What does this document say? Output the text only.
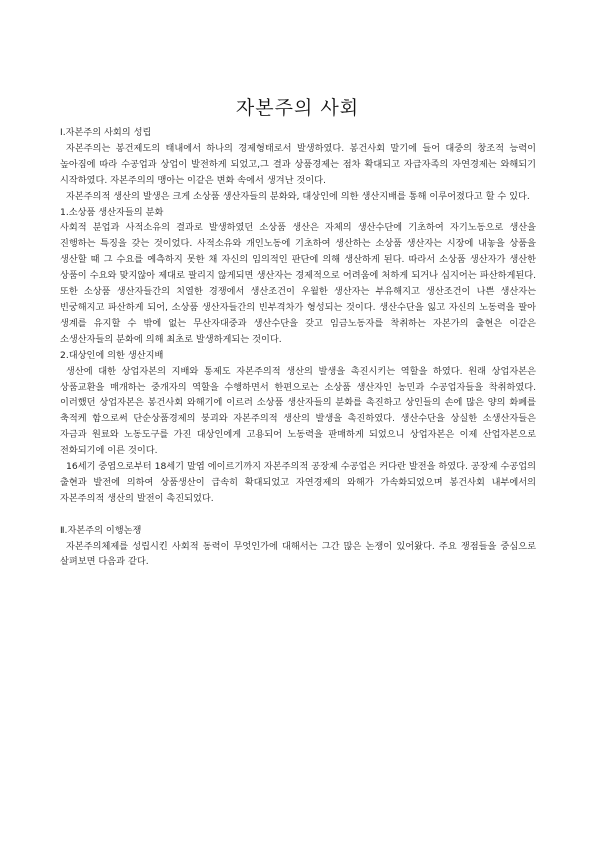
자본주의 사회

Ⅰ.자본주의 사회의 성립

자본주의는 봉건제도의 태내에서 하나의 경제형태로서 발생하였다. 봉건사회 말기에 들어 대중의 창조적 능력이 높아짐에 따라 수공업과 상업이 발전하게 되었고,그 결과 상품경제는 점차 확대되고 자급자족의 자연경제는 와해되기 시작하였다. 자본주의의 맹아는 이같은 변화 속에서 생겨난 것이다.

자본주의적 생산의 발생은 크게 소상품 생산자들의 분화와, 대상인에 의한 생산지배를 통해 이루어졌다고 할 수 있다.

1.소상품 생산자들의 분화

사회적 분업과 사적소유의 결과로 발생하였던 소상품 생산은 자체의 생산수단에 기초하여 자기노동으로 생산을 진행하는 특징을 갖는 것이었다. 사적소유와 개인노동에 기초하여 생산하는 소상품 생산자는 시장에 내놓을 상품을 생산할 때 그 수요를 예측하지 못한 채 자신의 임의적인 판단에 의해 생산하게 된다. 따라서 소상품 생산자가 생산한 상품이 수요와 맞지않아 제대로 팔리지 않게되면 생산자는 경제적으로 어려움에 처하게 되거나 심지어는 파산하게된다. 또한 소상품 생산자들간의 치열한 경쟁에서 생산조건이 우월한 생산자는 부유해지고 생산조건이 나쁜 생산자는 빈궁해지고 파산하게 되어, 소상품 생산자들간의 빈부격차가 형성되는 것이다. 생산수단을 잃고 자신의 노동력을 팔아 생계를 유지할 수 밖에 없는 무산자대중과 생산수단을 갖고 임금노동자를 착취하는 자본가의 출현은 이같은 소생산자들의 분화에 의해 최초로 발생하게되는 것이다.

2.대상인에 의한 생산지배

생산에 대한 상업자본의 지배와 통제도 자본주의적 생산의 발생을 촉진시키는 역할을 하였다. 원래 상업자본은 상품교환을 매개하는 중개자의 역할을 수행하면서 한편으로는 소상품 생산자인 농민과 수공업자들을 착취하였다. 이러했던 상업자본은 봉건사회 와해기에 이르러 소상품 생산자들의 분화를 촉진하고 상인들의 손에 많은 양의 화폐를 축적케 함으로써 단순상품경제의 붕괴와 자본주의적 생산의 발생을 촉진하였다. 생산수단을 상실한 소생산자들은 자금과 원료와 노동도구를 가진 대상인에게 고용되어 노동력을 판매하게 되었으니 상업자본은 이제 산업자본으로 전화되기에 이른 것이다.

16세기 중엽으로부터 18세기 말엽 에이르기까지 자본주의적 공장제 수공업은 커다란 발전을 하였다. 공장제 수공업의 출현과 발전에 의하여 상품생산이 급속히 확대되었고 자연경제의 와해가 가속화되었으며 봉건사회 내부에서의 자본주의적 생산의 발전이 촉진되었다.

Ⅱ.자본주의 이행논쟁

자본주의체제를 성립시킨 사회적 동력이 무엇인가에 대해서는 그간 많은 논쟁이 있어왔다. 주요 쟁점들을 중심으로 살펴보면 다음과 같다.
